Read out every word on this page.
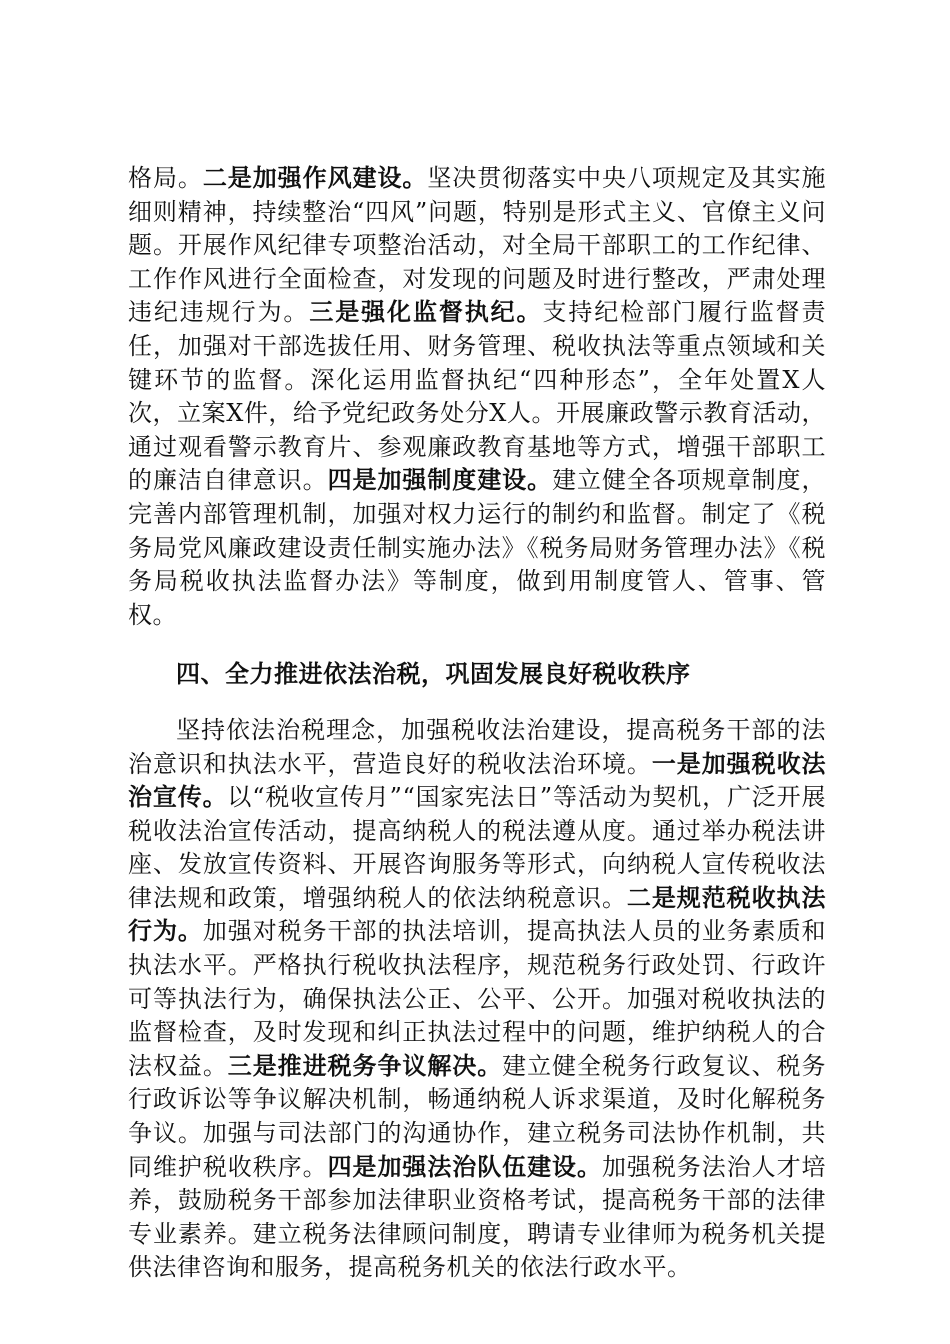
格局。二是加强作风建设。坚决贯彻落实中央八项规定及其实施细则精神，持续整治“四风”问题，特别是形式主义、官僚主义问题。开展作风纪律专项整治活动，对全局干部职工的工作纪律、工作作风进行全面检查，对发现的问题及时进行整改，严肃处理违纪违规行为。三是强化监督执纪。支持纪检部门履行监督责任，加强对干部选拔任用、财务管理、税收执法等重点领域和关键环节的监督。深化运用监督执纪“四种形态”，全年处置X人次，立案X件，给予党纪政务处分X人。开展廉政警示教育活动，通过观看警示教育片、参观廉政教育基地等方式，增强干部职工的廉洁自律意识。四是加强制度建设。建立健全各项规章制度，完善内部管理机制，加强对权力运行的制约和监督。制定了《税务局党风廉政建设责任制实施办法》《税务局财务管理办法》《税务局税收执法监督办法》等制度，做到用制度管人、管事、管权。

四、全力推进依法治税，巩固发展良好税收秩序

坚持依法治税理念，加强税收法治建设，提高税务干部的法治意识和执法水平，营造良好的税收法治环境。一是加强税收法治宣传。以“税收宣传月”“国家宪法日”等活动为契机，广泛开展税收法治宣传活动，提高纳税人的税法遵从度。通过举办税法讲座、发放宣传资料、开展咨询服务等形式，向纳税人宣传税收法律法规和政策，增强纳税人的依法纳税意识。二是规范税收执法行为。加强对税务干部的执法培训，提高执法人员的业务素质和执法水平。严格执行税收执法程序，规范税务行政处罚、行政许可等执法行为，确保执法公正、公平、公开。加强对税收执法的监督检查，及时发现和纠正执法过程中的问题，维护纳税人的合法权益。三是推进税务争议解决。建立健全税务行政复议、税务行政诉讼等争议解决机制，畅通纳税人诉求渠道，及时化解税务争议。加强与司法部门的沟通协作，建立税务司法协作机制，共同维护税收秩序。四是加强法治队伍建设。加强税务法治人才培养，鼓励税务干部参加法律职业资格考试，提高税务干部的法律专业素养。建立税务法律顾问制度，聘请专业律师为税务机关提供法律咨询和服务，提高税务机关的依法行政水平。
